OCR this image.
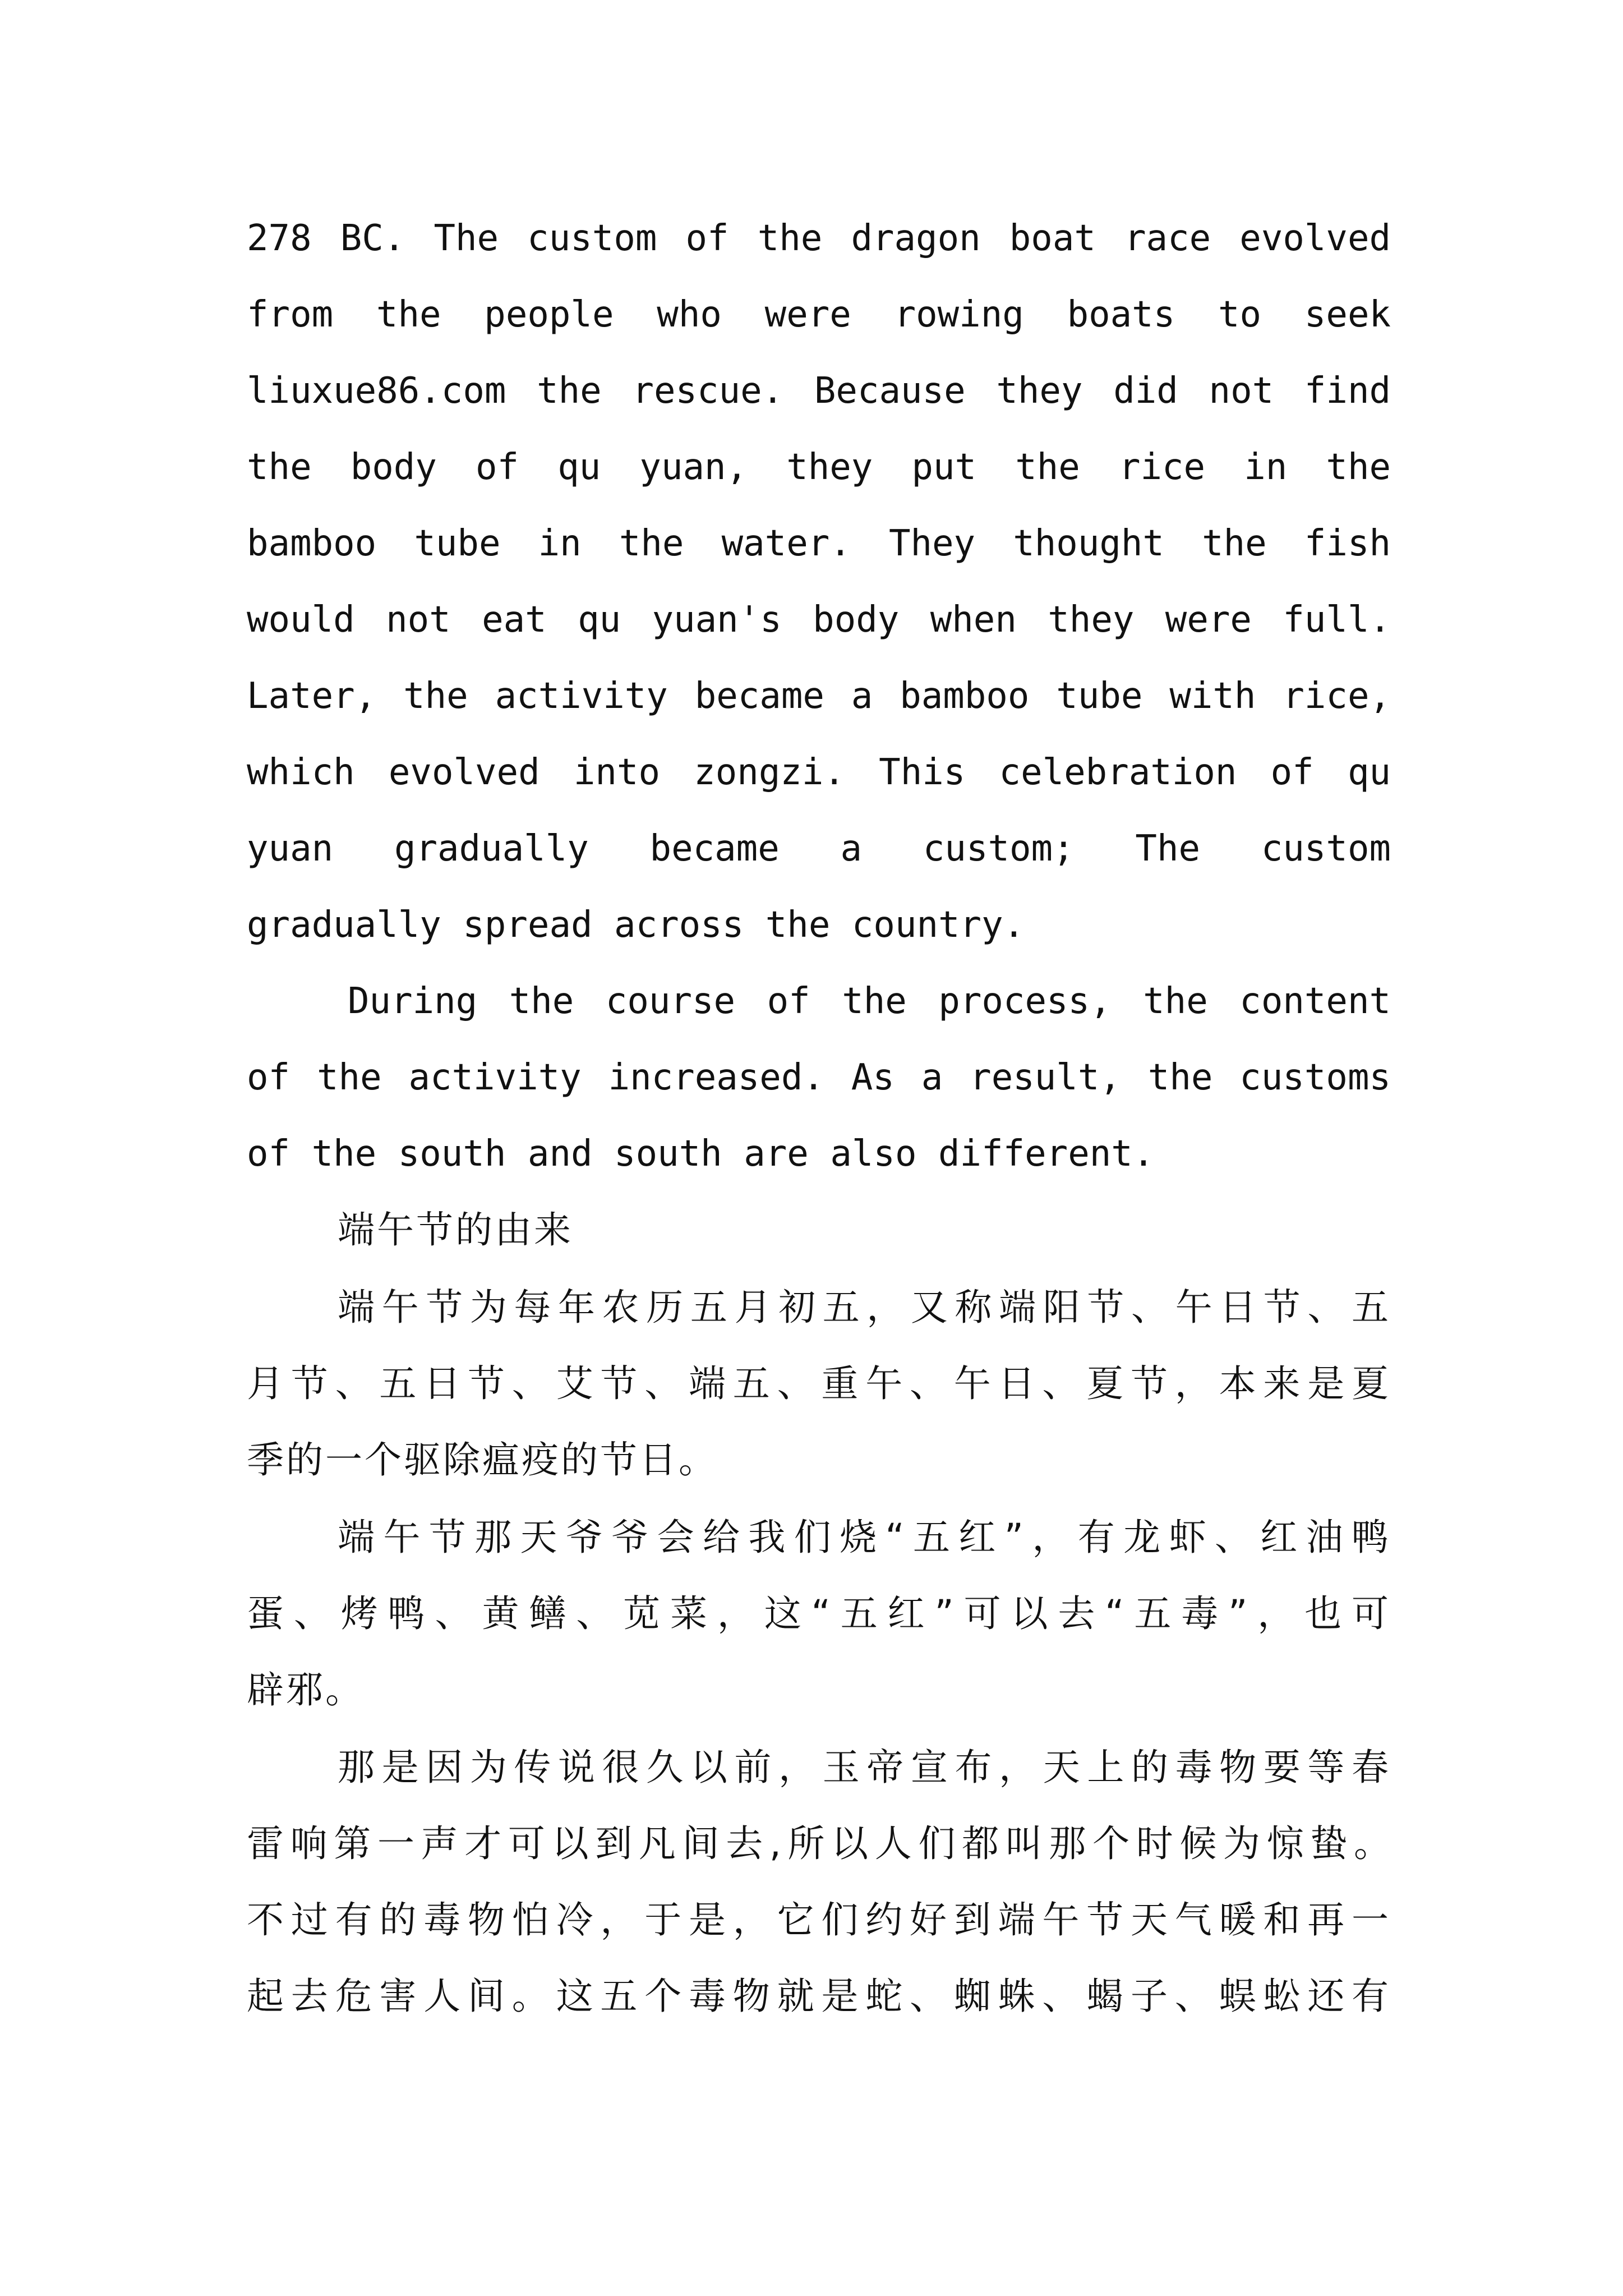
278 BC. The custom of the dragon boat race evolved
from the people who were rowing boats to seek
liuxue86.com the rescue. Because they did not find
the body of qu yuan, they put the rice in the
bamboo tube in the water. They thought the fish
would not eat qu yuan's body when they were full.
Later, the activity became a bamboo tube with rice,
which evolved into zongzi. This celebration of qu
yuan gradually became a custom; The custom
gradually spread across the country.
During the course of the process, the content
of the activity increased. As a result, the customs
of the south and south are also different.
端午节的由来
端午节为每年农历五月初五，又称端阳节、午日节、五
月节、五日节、艾节、端五、重午、午日、夏节，本来是夏
季的一个驱除瘟疫的节日。
端午节那天爷爷会给我们烧“五红”，有龙虾、红油鸭
蛋、烤鸭、黄鳝、苋菜，这“五红”可以去“五毒”，也可
辟邪。
那是因为传说很久以前，玉帝宣布，天上的毒物要等春
雷响第一声才可以到凡间去,所以人们都叫那个时候为惊蛰。
不过有的毒物怕冷，于是，它们约好到端午节天气暖和再一
起去危害人间。这五个毒物就是蛇、蜘蛛、蝎子、蜈蚣还有
